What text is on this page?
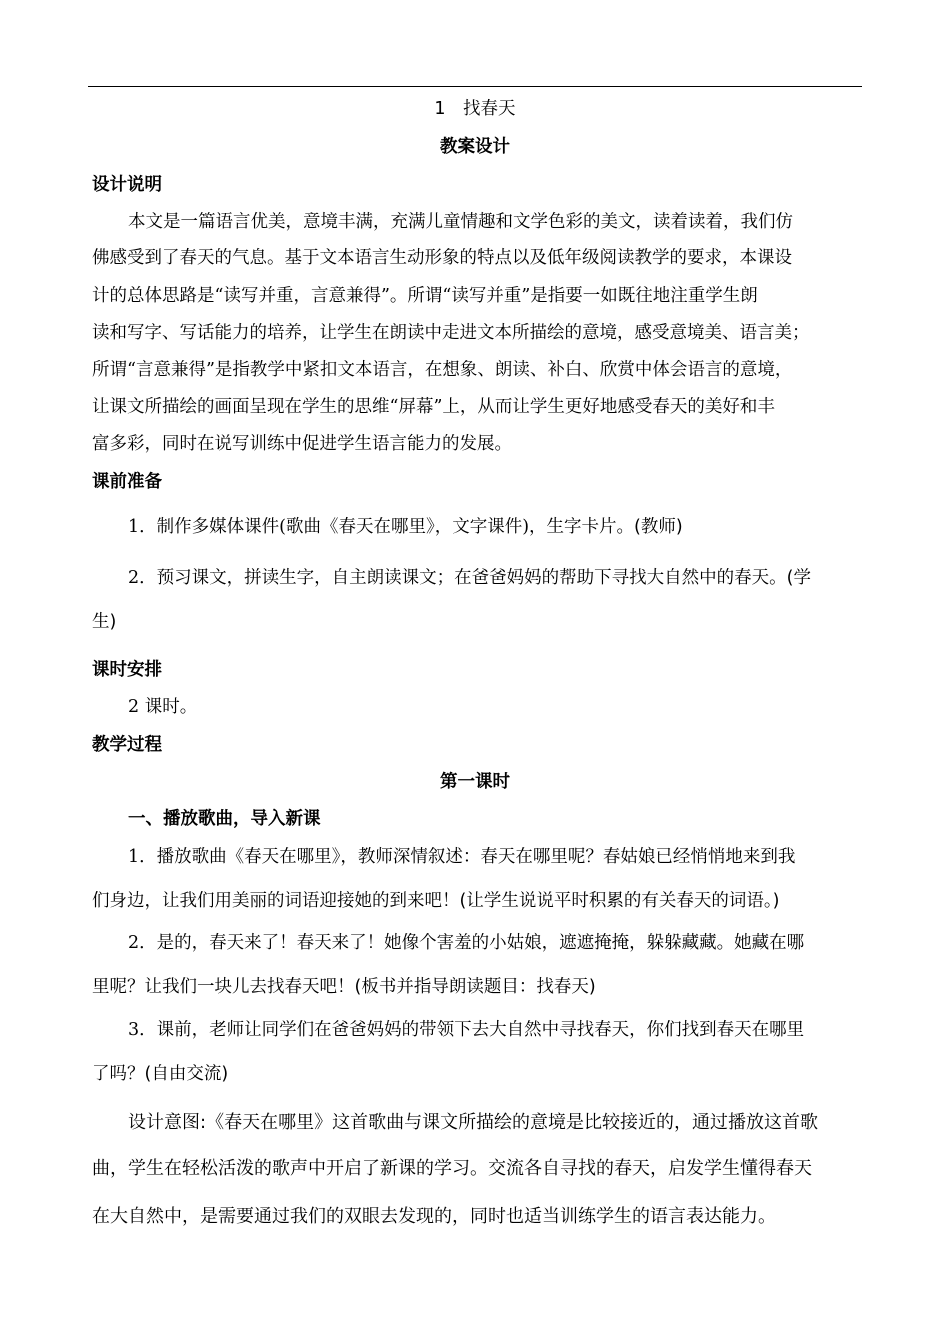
1　找春天
教案设计
设计说明
本文是一篇语言优美，意境丰满，充满儿童情趣和文学色彩的美文，读着读着，我们仿
佛感受到了春天的气息。基于文本语言生动形象的特点以及低年级阅读教学的要求，本课设
计的总体思路是“读写并重，言意兼得”。所谓“读写并重”是指要一如既往地注重学生朗
读和写字、写话能力的培养，让学生在朗读中走进文本所描绘的意境，感受意境美、语言美；
所谓“言意兼得”是指教学中紧扣文本语言，在想象、朗读、补白、欣赏中体会语言的意境，
让课文所描绘的画面呈现在学生的思维“屏幕”上，从而让学生更好地感受春天的美好和丰
富多彩，同时在说写训练中促进学生语言能力的发展。
课前准备
1．制作多媒体课件(歌曲《春天在哪里》，文字课件)，生字卡片。(教师)
2．预习课文，拼读生字，自主朗读课文；在爸爸妈妈的帮助下寻找大自然中的春天。(学
生)
课时安排
2 课时。
教学过程
第一课时
一、播放歌曲，导入新课
1．播放歌曲《春天在哪里》，教师深情叙述：春天在哪里呢？春姑娘已经悄悄地来到我
们身边，让我们用美丽的词语迎接她的到来吧！(让学生说说平时积累的有关春天的词语。)
2．是的，春天来了！春天来了！她像个害羞的小姑娘，遮遮掩掩，躲躲藏藏。她藏在哪
里呢？让我们一块儿去找春天吧！(板书并指导朗读题目：找春天)
3．课前，老师让同学们在爸爸妈妈的带领下去大自然中寻找春天，你们找到春天在哪里
了吗？(自由交流)
设计意图:《春天在哪里》这首歌曲与课文所描绘的意境是比较接近的，通过播放这首歌
曲，学生在轻松活泼的歌声中开启了新课的学习。交流各自寻找的春天，启发学生懂得春天
在大自然中，是需要通过我们的双眼去发现的，同时也适当训练学生的语言表达能力。
